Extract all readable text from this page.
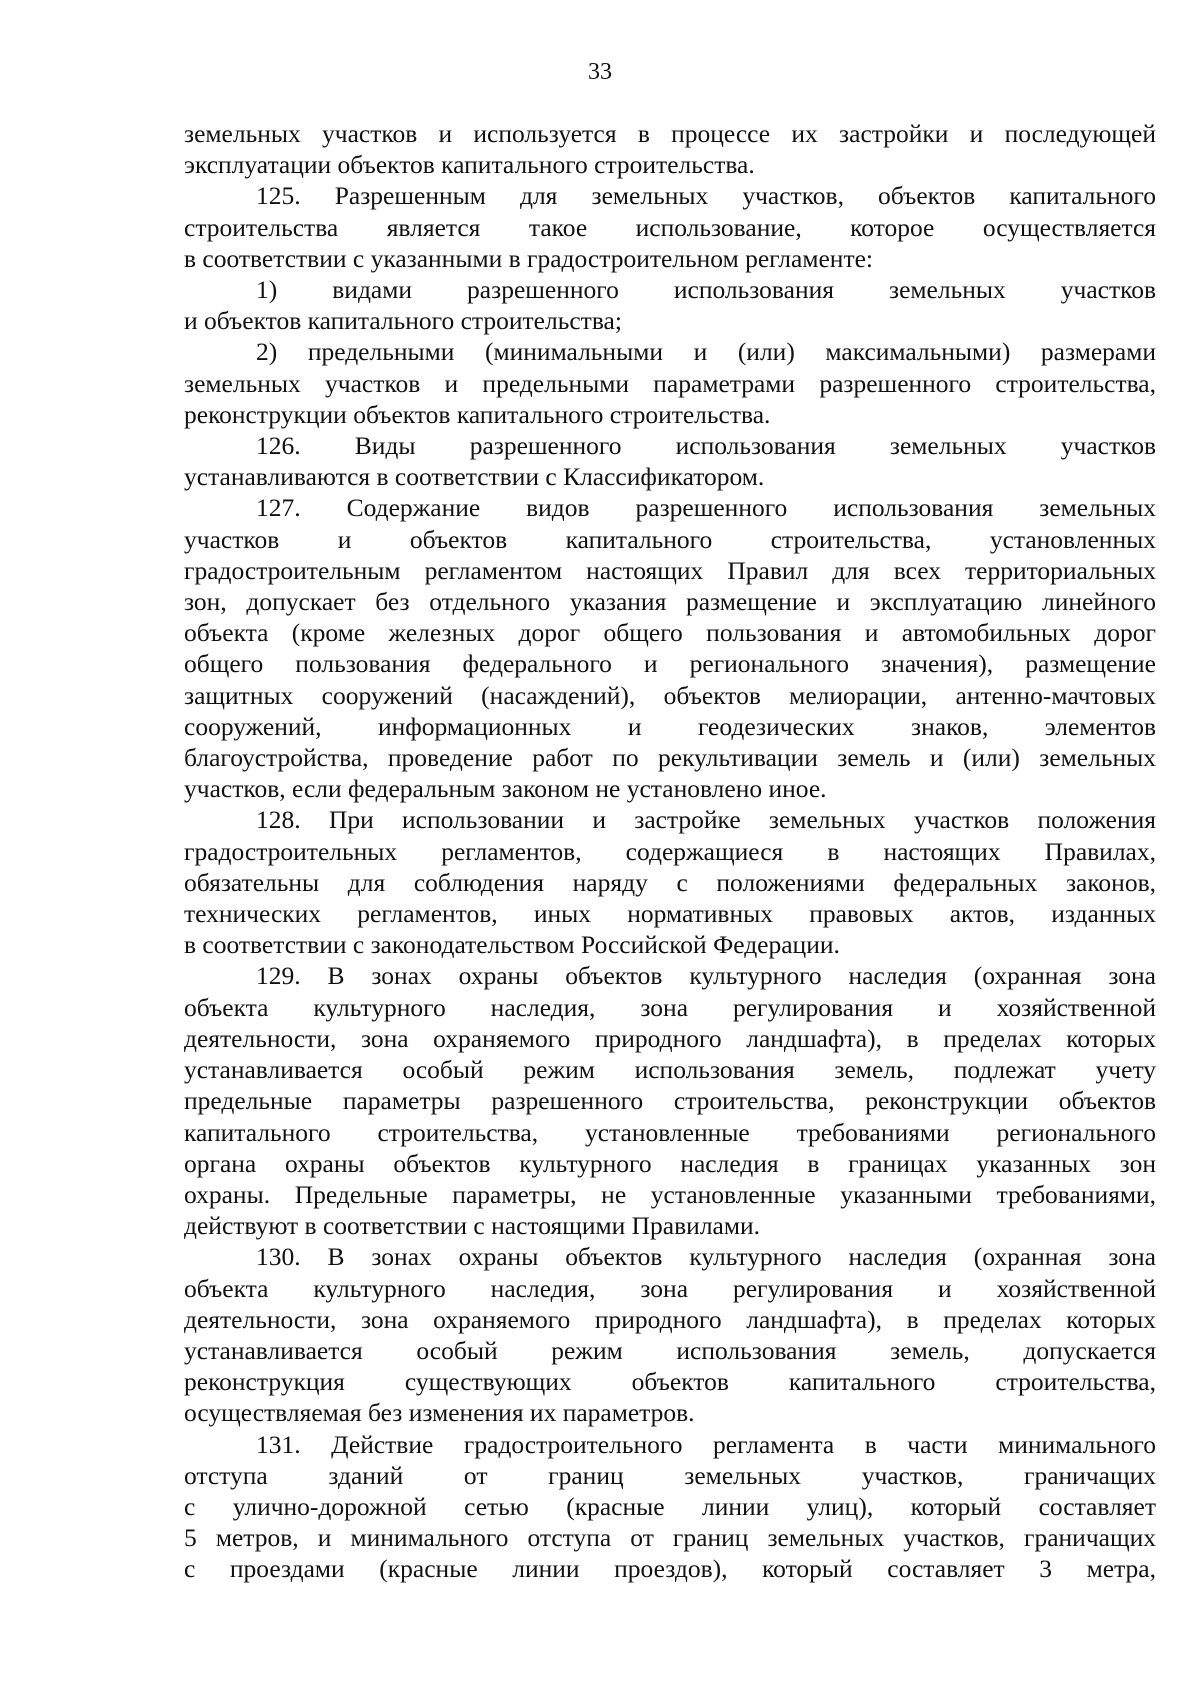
33
земельных участков и используется в процессе их застройки и последующей
эксплуатации объектов капитального строительства.
125. Разрешенным для земельных участков, объектов капитального
строительства является такое использование, которое осуществляется
в соответствии с указанными в градостроительном регламенте:
1) видами разрешенного использования земельных участков
и объектов капитального строительства;
2) предельными (минимальными и (или) максимальными) размерами
земельных участков и предельными параметрами разрешенного строительства,
реконструкции объектов капитального строительства.
126. Виды разрешенного использования земельных участков
устанавливаются в соответствии с Классификатором.
127. Содержание видов разрешенного использования земельных
участков и объектов капитального строительства, установленных
градостроительным регламентом настоящих Правил для всех территориальных
зон, допускает без отдельного указания размещение и эксплуатацию линейного
объекта (кроме железных дорог общего пользования и автомобильных дорог
общего пользования федерального и регионального значения), размещение
защитных сооружений (насаждений), объектов мелиорации, антенно-мачтовых
сооружений, информационных и геодезических знаков, элементов
благоустройства, проведение работ по рекультивации земель и (или) земельных
участков, если федеральным законом не установлено иное.
128. При использовании и застройке земельных участков положения
градостроительных регламентов, содержащиеся в настоящих Правилах,
обязательны для соблюдения наряду с положениями федеральных законов,
технических регламентов, иных нормативных правовых актов, изданных
в соответствии с законодательством Российской Федерации.
129. В зонах охраны объектов культурного наследия (охранная зона
объекта культурного наследия, зона регулирования и хозяйственной
деятельности, зона охраняемого природного ландшафта), в пределах которых
устанавливается особый режим использования земель, подлежат учету
предельные параметры разрешенного строительства, реконструкции объектов
капитального строительства, установленные требованиями регионального
органа охраны объектов культурного наследия в границах указанных зон
охраны. Предельные параметры, не установленные указанными требованиями,
действуют в соответствии с настоящими Правилами.
130. В зонах охраны объектов культурного наследия (охранная зона
объекта культурного наследия, зона регулирования и хозяйственной
деятельности, зона охраняемого природного ландшафта), в пределах которых
устанавливается особый режим использования земель, допускается
реконструкция существующих объектов капитального строительства,
осуществляемая без изменения их параметров.
131. Действие градостроительного регламента в части минимального
отступа зданий от границ земельных участков, граничащих
с улично-дорожной сетью (красные линии улиц), который составляет
5 метров, и минимального отступа от границ земельных участков, граничащих
с проездами (красные линии проездов), который составляет 3 метра,
